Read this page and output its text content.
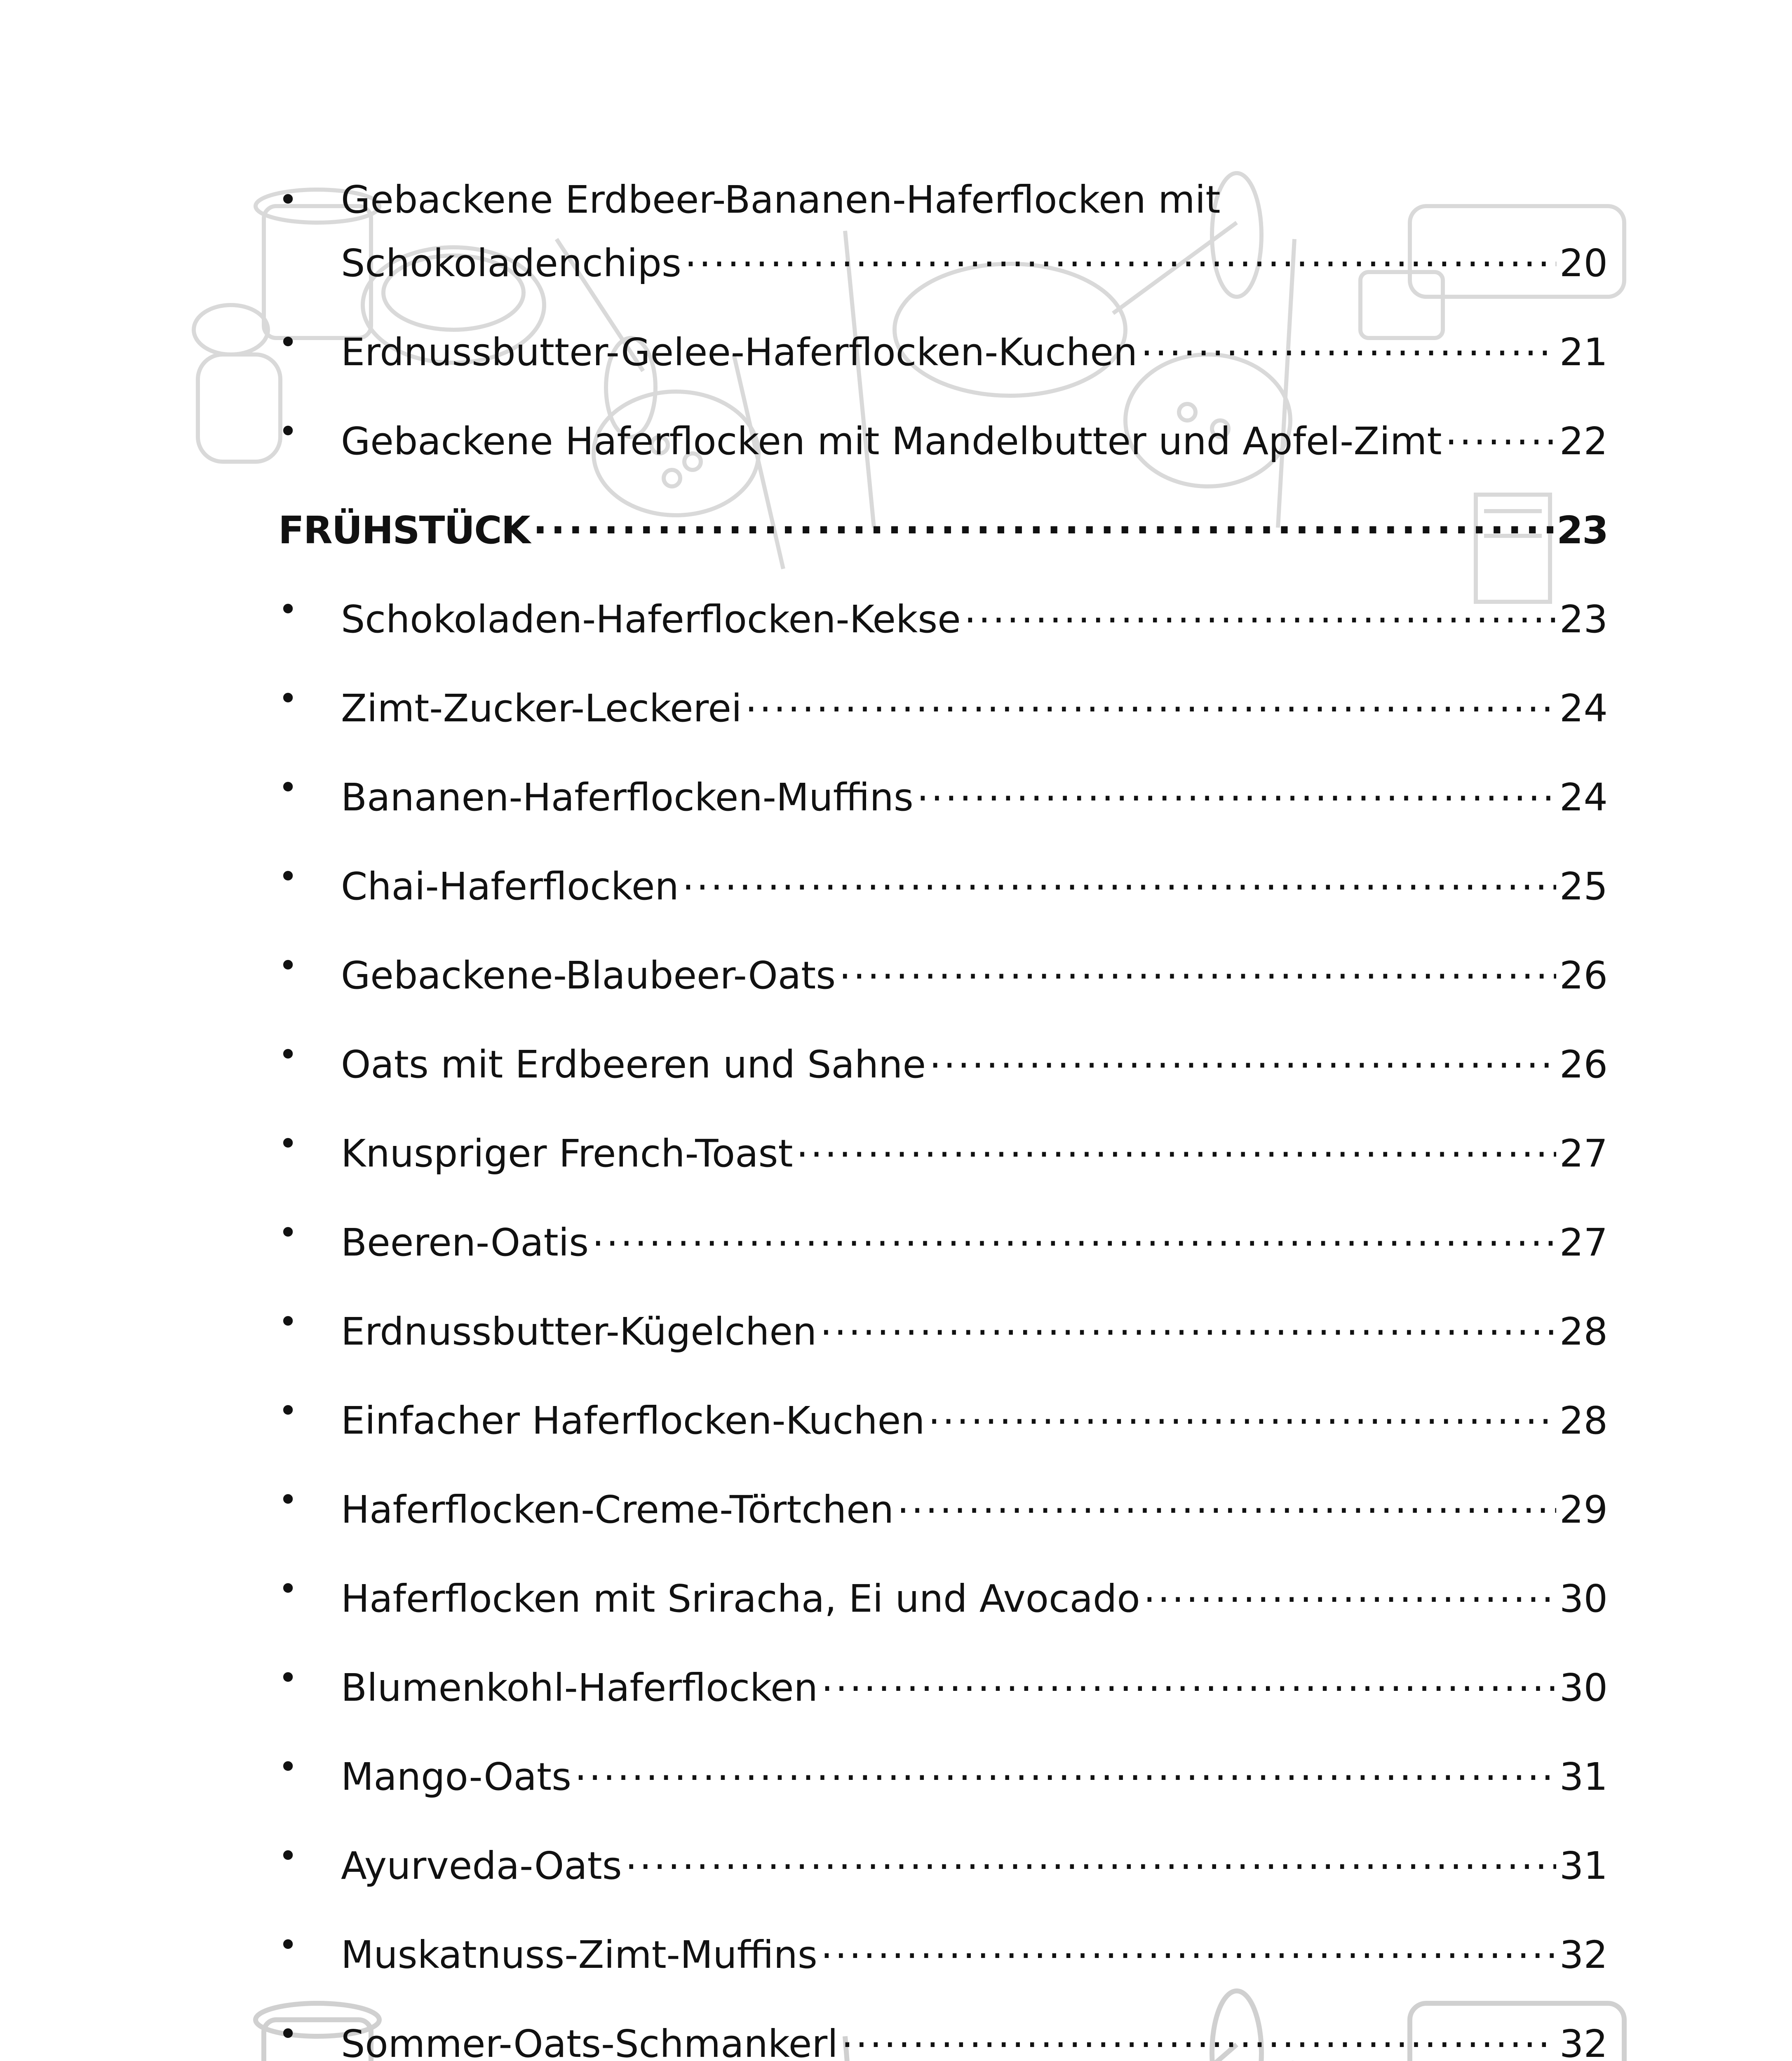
•	Gebackene Erdbeer-Bananen-Haferflocken mit
Schokoladenchips . . .	20
•	Erdnussbutter-Gelee-Haferflocken-Kuchen . . .	21
•	Gebackene Haferflocken mit Mandelbutter und Apfel-Zimt . . .	22
FRÜHSTÜCK . . .	23
•	Schokoladen-Haferflocken-Kekse . . .	23
•	Zimt-Zucker-Leckerei . . .	24
•	Bananen-Haferflocken-Muffins . . .	24
•	Chai-Haferflocken . . .	25
•	Gebackene-Blaubeer-Oats . . .	26
•	Oats mit Erdbeeren und Sahne . . .	26
•	Knuspriger French-Toast . . .	27
•	Beeren-Oatis . . .	27
•	Erdnussbutter-Kügelchen . . .	28
•	Einfacher Haferflocken-Kuchen . . .	28
•	Haferflocken-Creme-Törtchen . . .	29
•	Haferflocken mit Sriracha, Ei und Avocado . . .	30
•	Blumenkohl-Haferflocken . . .	30
•	Mango-Oats . . .	31
•	Ayurveda-Oats . . .	31
•	Muskatnuss-Zimt-Muffins . . .	32
•	Sommer-Oats-Schmankerl . . .	32
